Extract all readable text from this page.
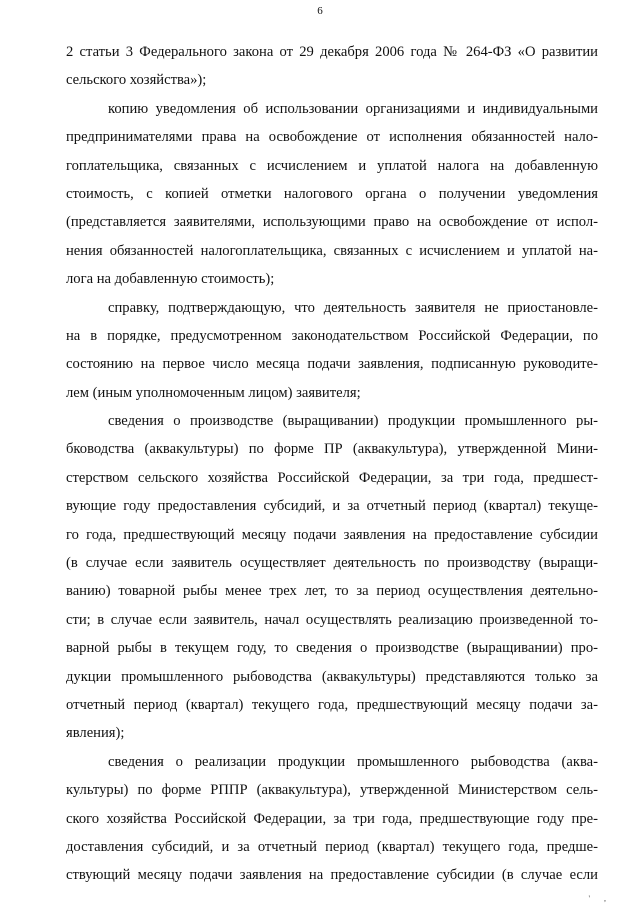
6
2 статьи 3 Федерального закона от 29 декабря 2006 года № 264-ФЗ «О развитии
сельского хозяйства»);
копию уведомления об использовании организациями и индивидуальными
предпринимателями права на освобождение от исполнения обязанностей нало-
гоплательщика, связанных с исчислением и уплатой налога на добавленную
стоимость, с копией отметки налогового органа о получении уведомления
(представляется заявителями, использующими право на освобождение от испол-
нения обязанностей налогоплательщика, связанных с исчислением и уплатой на-
лога на добавленную стоимость);
справку, подтверждающую, что деятельность заявителя не приостановле-
на в порядке, предусмотренном законодательством Российской Федерации, по
состоянию на первое число месяца подачи заявления, подписанную руководите-
лем (иным уполномоченным лицом) заявителя;
сведения о производстве (выращивании) продукции промышленного ры-
бководства (аквакультуры) по форме ПР (аквакультура), утвержденной Мини-
стерством сельского хозяйства Российской Федерации, за три года, предшест-
вующие году предоставления субсидий, и за отчетный период (квартал) текуще-
го года, предшествующий месяцу подачи заявления на предоставление субсидии
(в случае если заявитель осуществляет деятельность по производству (выращи-
ванию) товарной рыбы менее трех лет, то за период осуществления деятельно-
сти; в случае если заявитель, начал осуществлять реализацию произведенной то-
варной рыбы в текущем году, то сведения о производстве (выращивании) про-
дукции промышленного рыбоводства (аквакультуры) представляются только за
отчетный период (квартал) текущего года, предшествующий месяцу подачи за-
явления);
сведения о реализации продукции промышленного рыбоводства (аква-
культуры) по форме РППР (аквакультура), утвержденной Министерством сель-
ского хозяйства Российской Федерации, за три года, предшествующие году пре-
доставления субсидий, и за отчетный период (квартал) текущего года, предше-
ствующий месяцу подачи заявления на предоставление субсидии (в случае если
' ,
